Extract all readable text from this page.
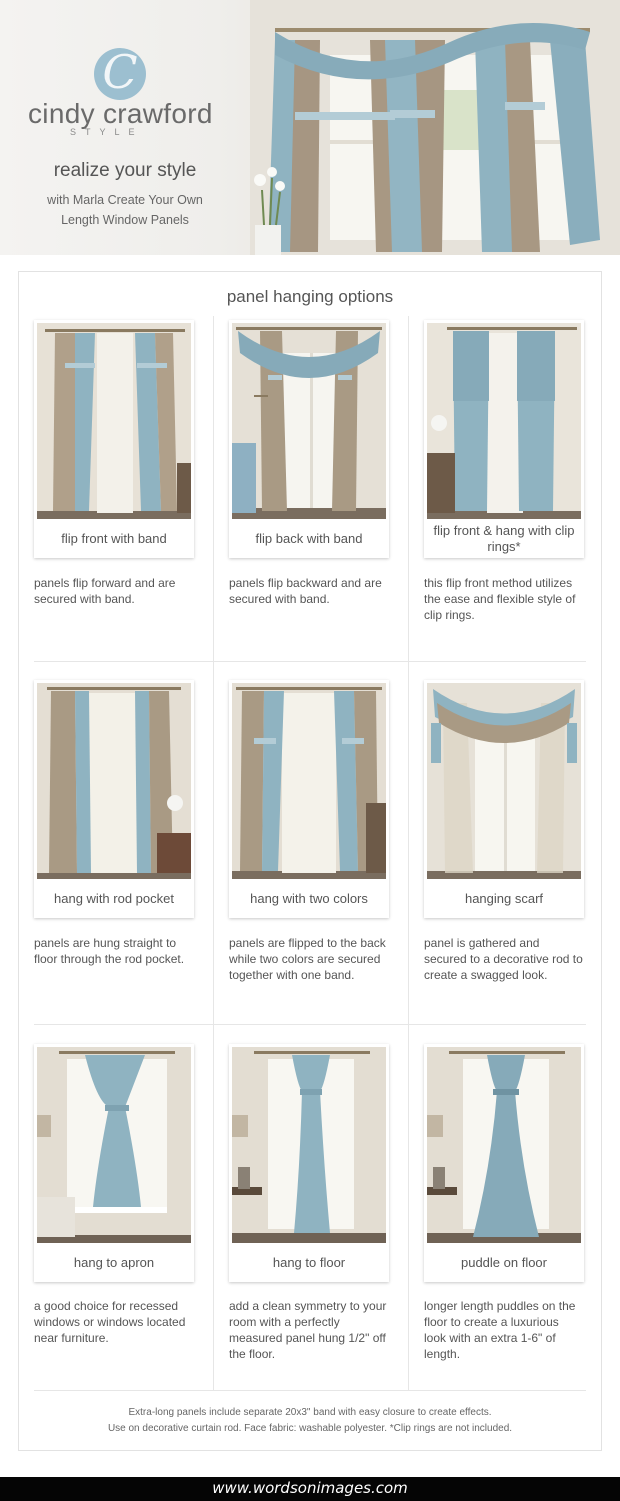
C
cindy crawford
STYLE
realize your style
with Marla Create Your Own
Length Window Panels
panel hanging options
flip front with band	flip back with band
flip front & hang with clip rings*
panels flip forward and are secured with band.
panels flip backward and are secured with band.
this flip front method utilizes the ease and flexible style of clip rings.
hang with rod pocket	hang with two colors	hanging scarf
panels are hung straight to floor through the rod pocket.
panels are flipped to the back while two colors are secured together with one band.
panel is gathered and secured to a decorative rod to create a swagged look.
hang to apron	hang to floor	puddle on floor
a good choice for recessed windows or windows located near furniture.
add a clean symmetry to your room with a perfectly measured panel hung 1/2" off the floor.
longer length puddles on the floor to create a luxurious look with an extra 1-6" of length.
Extra-long panels include separate 20x3" band with easy closure to create effects.
Use on decorative curtain rod. Face fabric: washable polyester. *Clip rings are not included.
www.wordsonimages.com
